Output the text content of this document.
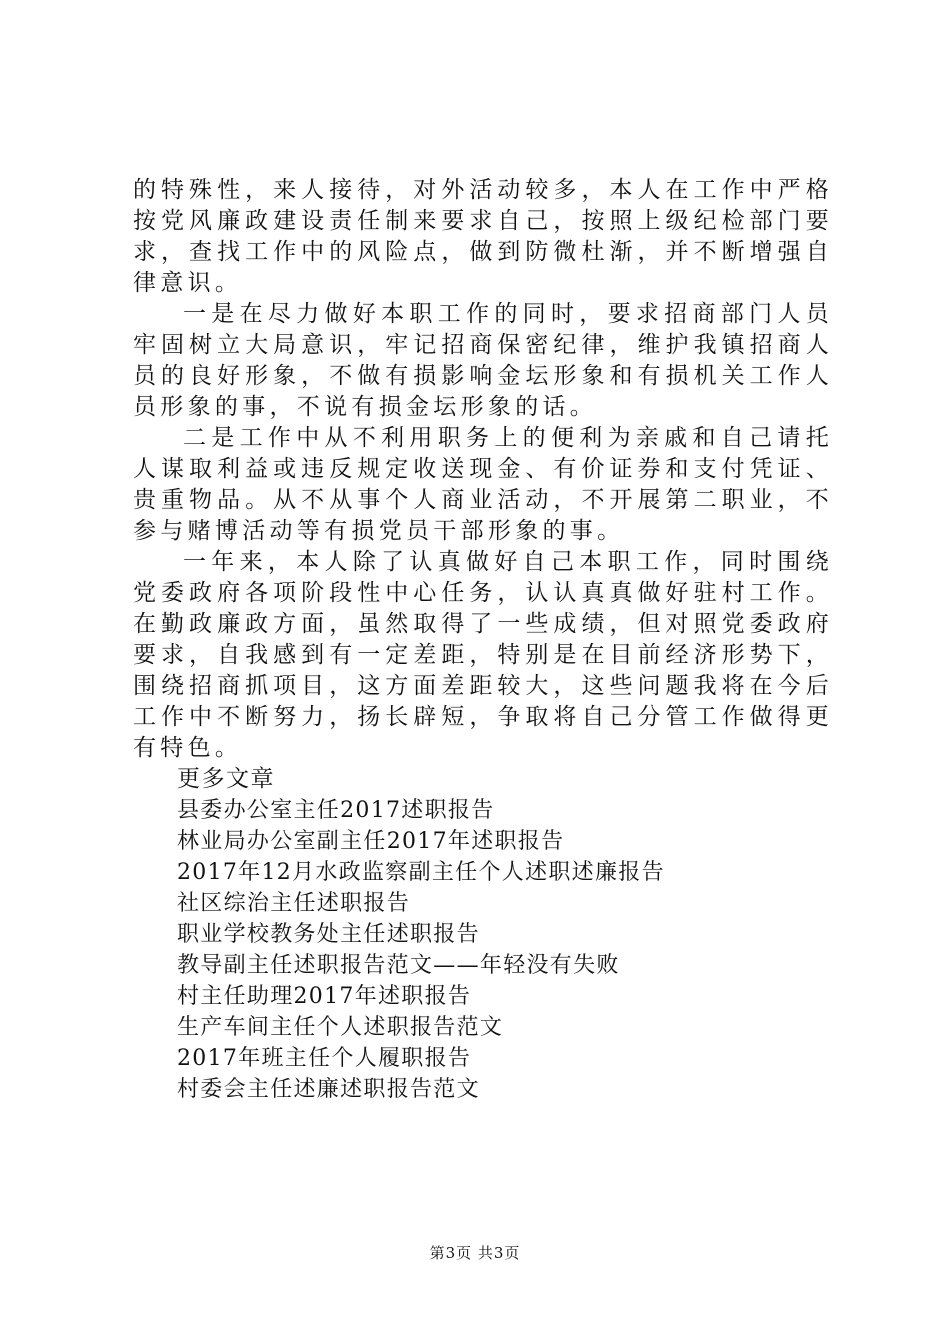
的特殊性，来人接待，对外活动较多，本人在工作中严格按党风廉政建设责任制来要求自己，按照上级纪检部门要求，查找工作中的风险点，做到防微杜渐，并不断增强自律意识。

一是在尽力做好本职工作的同时，要求招商部门人员牢固树立大局意识，牢记招商保密纪律，维护我镇招商人员的良好形象，不做有损影响金坛形象和有损机关工作人员形象的事，不说有损金坛形象的话。

二是工作中从不利用职务上的便利为亲戚和自己请托人谋取利益或违反规定收送现金、有价证券和支付凭证、贵重物品。从不从事个人商业活动，不开展第二职业，不参与赌博活动等有损党员干部形象的事。

一年来，本人除了认真做好自己本职工作，同时围绕党委政府各项阶段性中心任务，认认真真做好驻村工作。在勤政廉政方面，虽然取得了一些成绩，但对照党委政府要求，自我感到有一定差距，特别是在目前经济形势下，围绕招商抓项目，这方面差距较大，这些问题我将在今后工作中不断努力，扬长辟短，争取将自己分管工作做得更有特色。

更多文章

县委办公室主任2017述职报告
林业局办公室副主任2017年述职报告
2017年12月水政监察副主任个人述职述廉报告
社区综治主任述职报告
职业学校教务处主任述职报告
教导副主任述职报告范文——年轻没有失败
村主任助理2017年述职报告
生产车间主任个人述职报告范文
2017年班主任个人履职报告
村委会主任述廉述职报告范文
第3页 共3页
